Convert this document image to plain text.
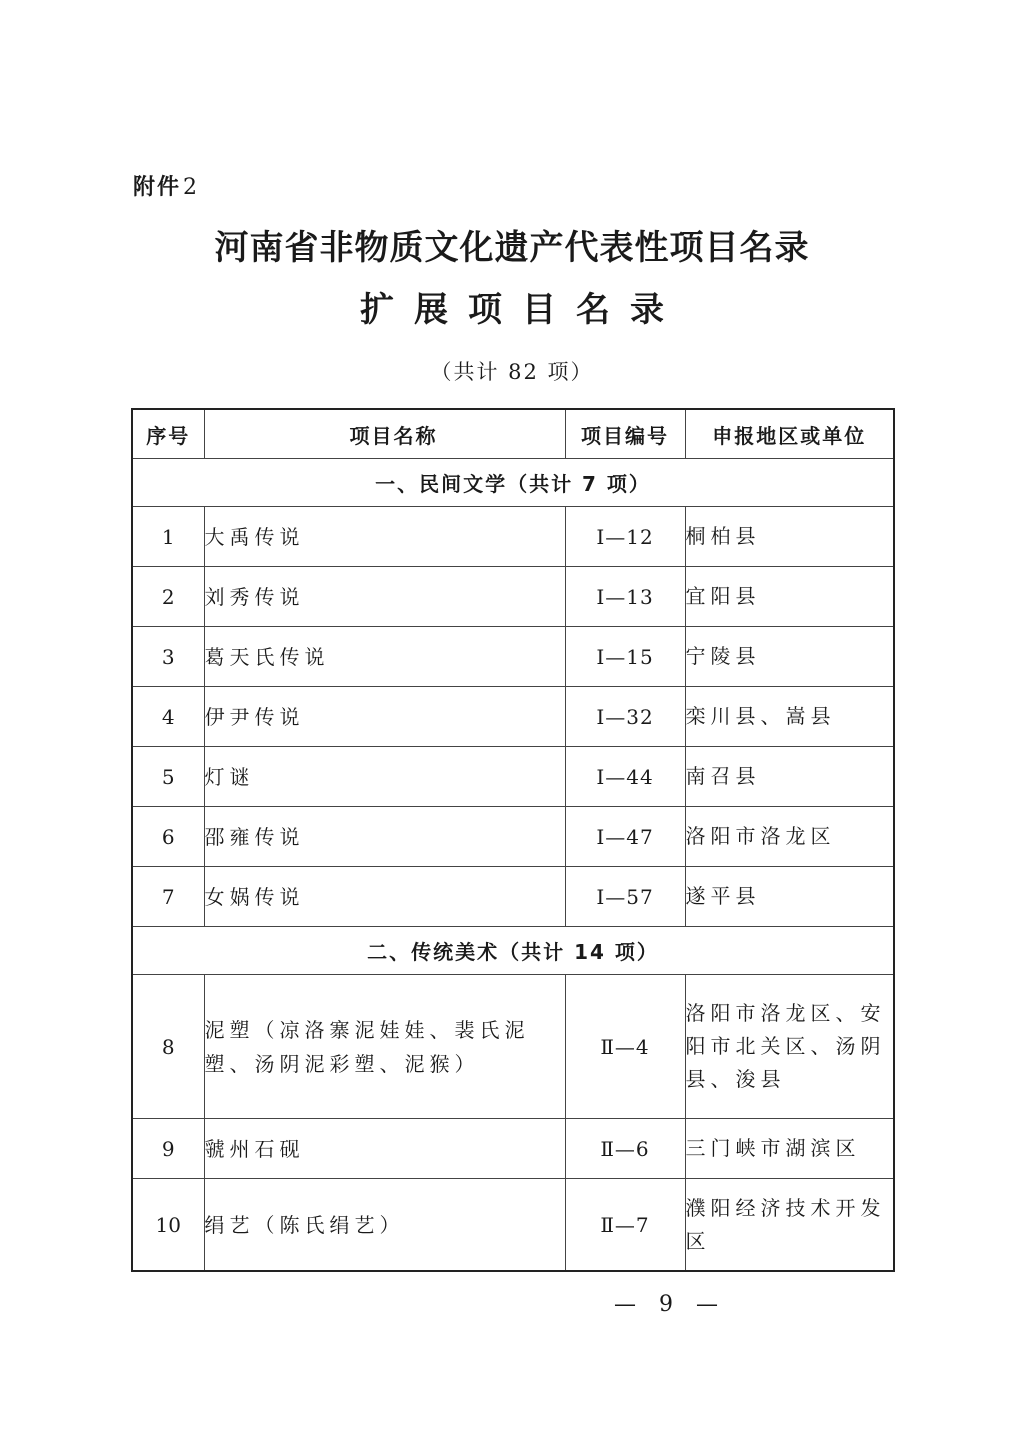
附件2
河南省非物质文化遗产代表性项目名录
扩展项目名录
（共计 82 项）
序号	项目名称	项目编号	申报地区或单位
一、民间文学（共计 7 项）			
1	大禹传说	Ⅰ—12	桐柏县
2	刘秀传说	Ⅰ—13	宜阳县
3	葛天氏传说	Ⅰ—15	宁陵县
4	伊尹传说	Ⅰ—32	栾川县、嵩县
5	灯谜	Ⅰ—44	南召县
6	邵雍传说	Ⅰ—47	洛阳市洛龙区
7	女娲传说	Ⅰ—57	遂平县
二、传统美术（共计 14 项）			
8	泥塑（凉洛寨泥娃娃、裴氏泥塑、汤阴泥彩塑、泥猴）	Ⅱ—4	洛阳市洛龙区、安阳市北关区、汤阴县、浚县
9	虢州石砚	Ⅱ—6	三门峡市湖滨区
10	绢艺（陈氏绢艺）	Ⅱ—7	濮阳经济技术开发区
— 9 —
